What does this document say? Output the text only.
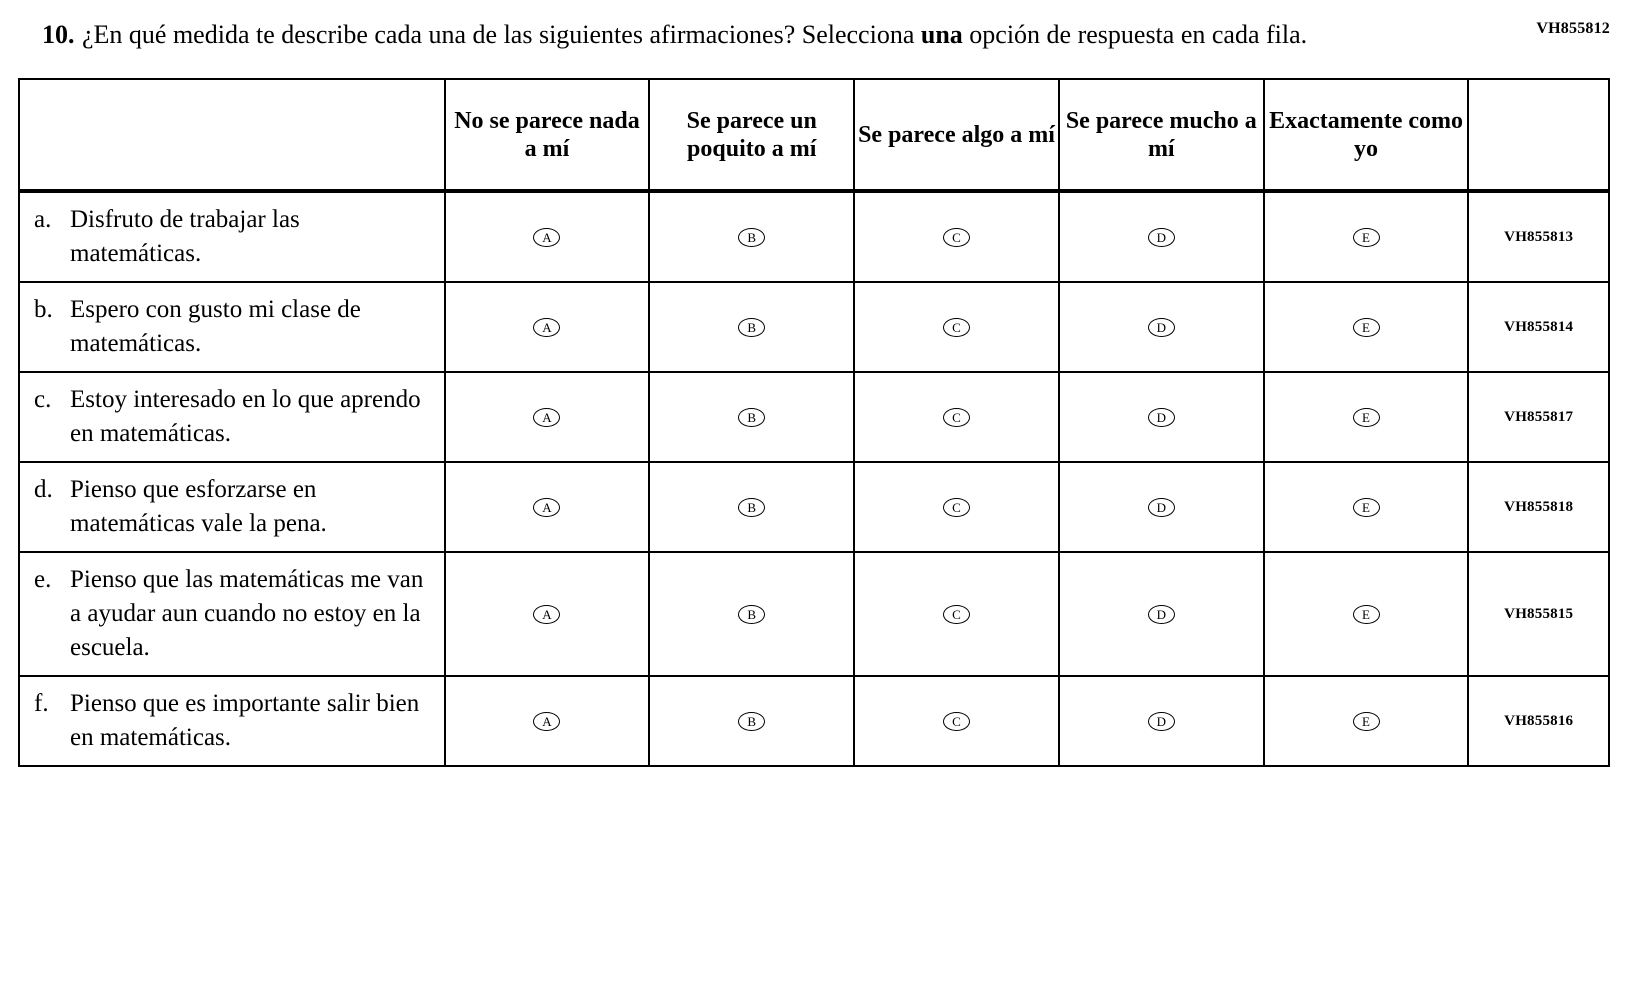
VH855812
10. ¿En qué medida te describe cada una de las siguientes afirmaciones? Selecciona una opción de respuesta en cada fila.
	No se parece nada a mí	Se parece un poquito a mí	Se parece algo a mí	Se parece mucho a mí	Exactamente como yo	

a. Disfruto de trabajar las matemáticas.	A	B	C	D	E	VH855813

b. Espero con gusto mi clase de matemáticas.	A	B	C	D	E	VH855814

c. Estoy interesado en lo que aprendo en matemáticas.	A	B	C	D	E	VH855817

d. Pienso que esforzarse en matemáticas vale la pena.	A	B	C	D	E	VH855818

e. Pienso que las matemáticas me van a ayudar aun cuando no estoy en la escuela.	A	B	C	D	E	VH855815

f. Pienso que es importante salir bien en matemáticas.	A	B	C	D	E	VH855816
